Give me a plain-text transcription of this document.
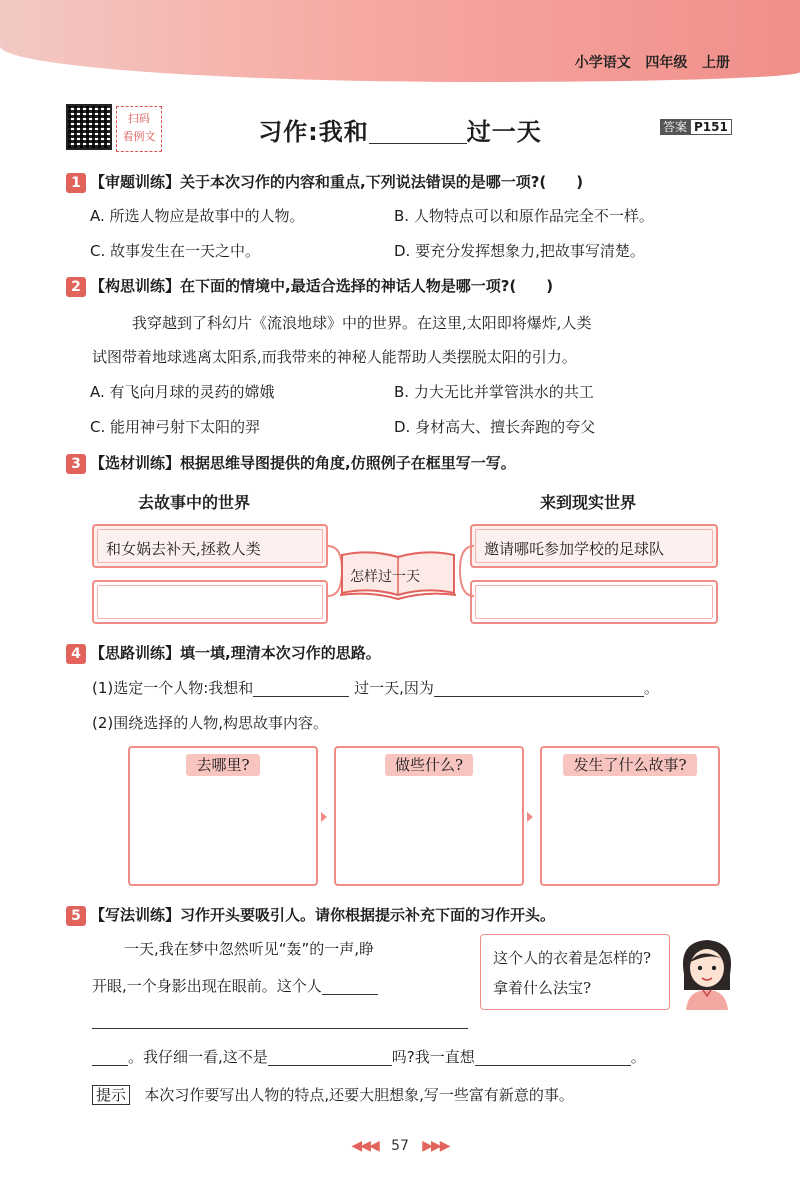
小学语文 四年级 上册
扫码
看例文	习作:我和	过一天	答案 P151
1 【审题训练】关于本次习作的内容和重点,下列说法错误的是哪一项?(　　)
A. 所选人物应是故事中的人物。	B. 人物特点可以和原作品完全不一样。
C. 故事发生在一天之中。	D. 要充分发挥想象力,把故事写清楚。
2 【构思训练】在下面的情境中,最适合选择的神话人物是哪一项?(　　)
我穿越到了科幻片《流浪地球》中的世界。在这里,太阳即将爆炸,人类
试图带着地球逃离太阳系,而我带来的神秘人能帮助人类摆脱太阳的引力。
A. 有飞向月球的灵药的嫦娥	B. 力大无比并掌管洪水的共工
C. 能用神弓射下太阳的羿	D. 身材高大、擅长奔跑的夸父
3 【选材训练】根据思维导图提供的角度,仿照例子在框里写一写。
去故事中的世界	来到现实世界
和女娲去补天,拯救人类	邀请哪吒参加学校的足球队
怎样过一天
4 【思路训练】填一填,理清本次习作的思路。
(1)选定一个人物:我想和	过一天,因为	。
(2)围绕选择的人物,构思故事内容。
去哪里?	做些什么?	发生了什么故事?
5 【写法训练】习作开头要吸引人。请你根据提示补充下面的习作开头。
一天,我在梦中忽然听见“轰”的一声,睁
开眼,一个身影出现在眼前。这个人
。我仔细一看,这不是	吗?我一直想	。
这个人的衣着是怎样的?拿着什么法宝?
提示 本次习作要写出人物的特点,还要大胆想象,写一些富有新意的事。
◀◀◀ 57 ▶▶▶
